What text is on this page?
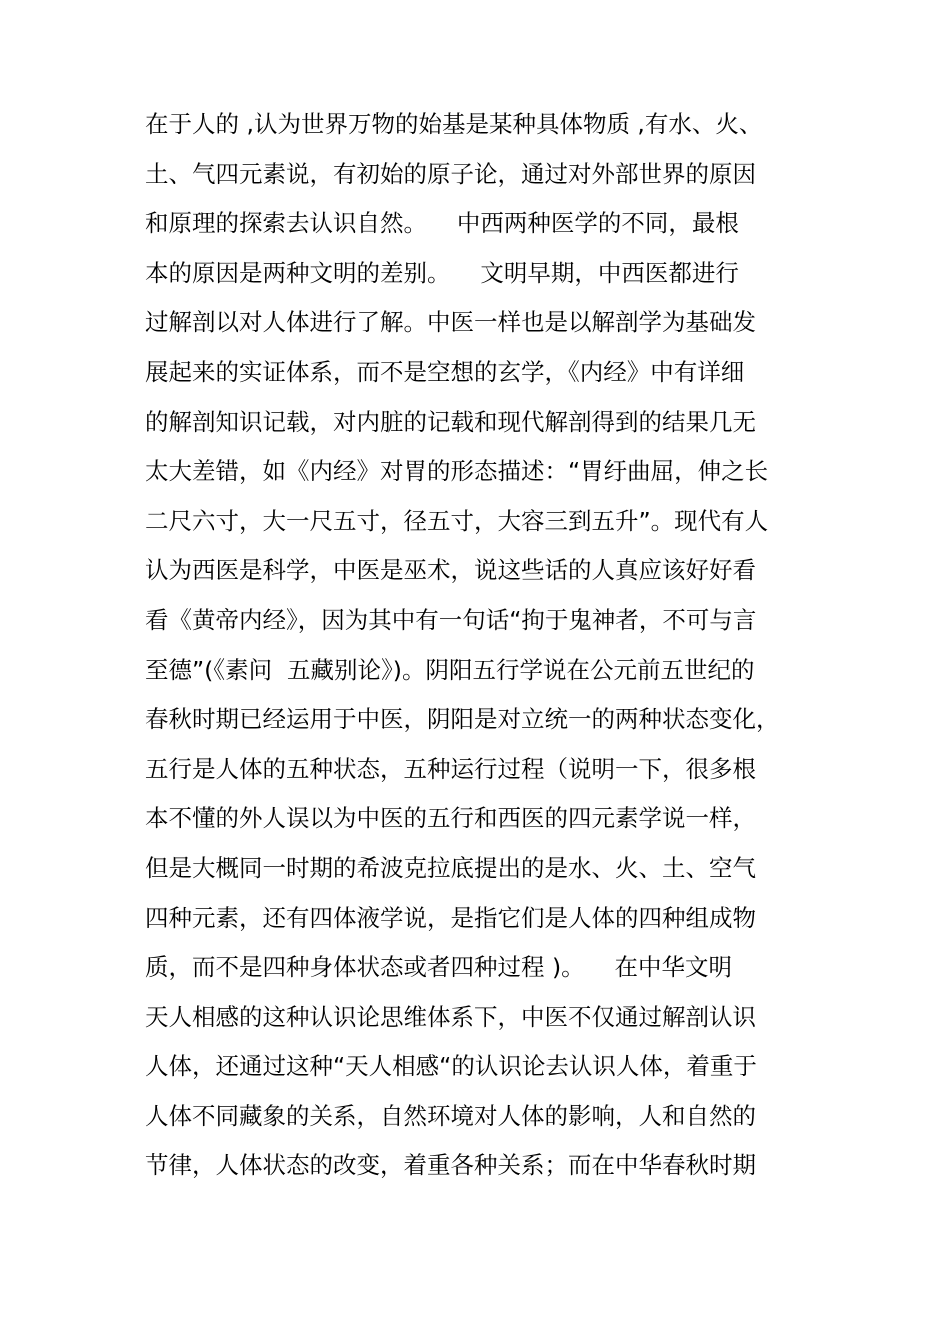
在于人的 ,认为世界万物的始基是某种具体物质 ,有水、火、
土、气四元素说，有初始的原子论，通过对外部世界的原因
和原理的探索去认识自然。    中西两种医学的不同，最根
本的原因是两种文明的差别。    文明早期，中西医都进行
过解剖以对人体进行了解。中医一样也是以解剖学为基础发
展起来的实证体系，而不是空想的玄学，《内经》中有详细
的解剖知识记载，对内脏的记载和现代解剖得到的结果几无
太大差错，如《内经》对胃的形态描述：“胃纡曲屈，伸之长
二尺六寸，大一尺五寸，径五寸，大容三到五升”。现代有人
认为西医是科学，中医是巫术，说这些话的人真应该好好看
看《黄帝内经》，因为其中有一句话“拘于鬼神者，不可与言
至德”(《素问  五藏别论》)。阴阳五行学说在公元前五世纪的
春秋时期已经运用于中医，阴阳是对立统一的两种状态变化，
五行是人体的五种状态，五种运行过程（说明一下，很多根
本不懂的外人误以为中医的五行和西医的四元素学说一样，
但是大概同一时期的希波克拉底提出的是水、火、土、空气
四种元素，还有四体液学说，是指它们是人体的四种组成物
质，而不是四种身体状态或者四种过程 )。    在中华文明
天人相感的这种认识论思维体系下，中医不仅通过解剖认识
人体，还通过这种“天人相感“的认识论去认识人体，着重于
人体不同藏象的关系，自然环境对人体的影响，人和自然的
节律，人体状态的改变，着重各种关系；而在中华春秋时期
